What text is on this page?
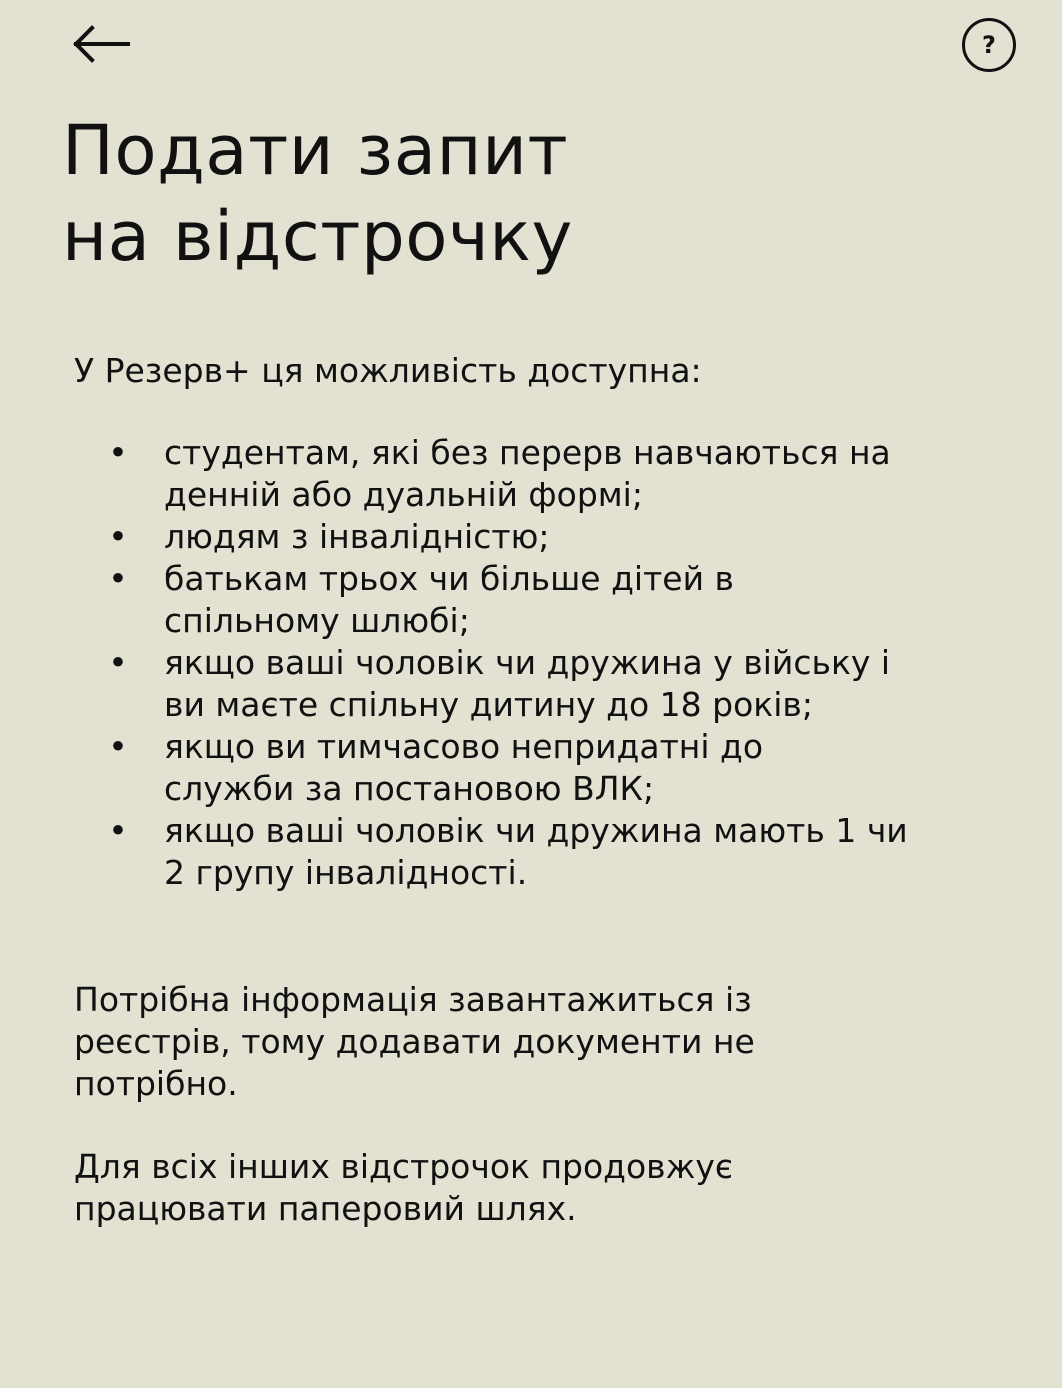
?
Подати запит
на відстрочку

У Резерв+ ця можливість доступна:

• студентам, які без перерв навчаються на
денній або дуальній формі;
• людям з інвалідністю;
• батькам трьох чи більше дітей в
спільному шлюбі;
• якщо ваші чоловік чи дружина у війську і
ви маєте спільну дитину до 18 років;
• якщо ви тимчасово непридатні до
служби за постановою ВЛК;
• якщо ваші чоловік чи дружина мають 1 чи
2 групу інвалідності.

Потрібна інформація завантажиться із
реєстрів, тому додавати документи не
потрібно.

Для всіх інших відстрочок продовжує
працювати паперовий шлях.
